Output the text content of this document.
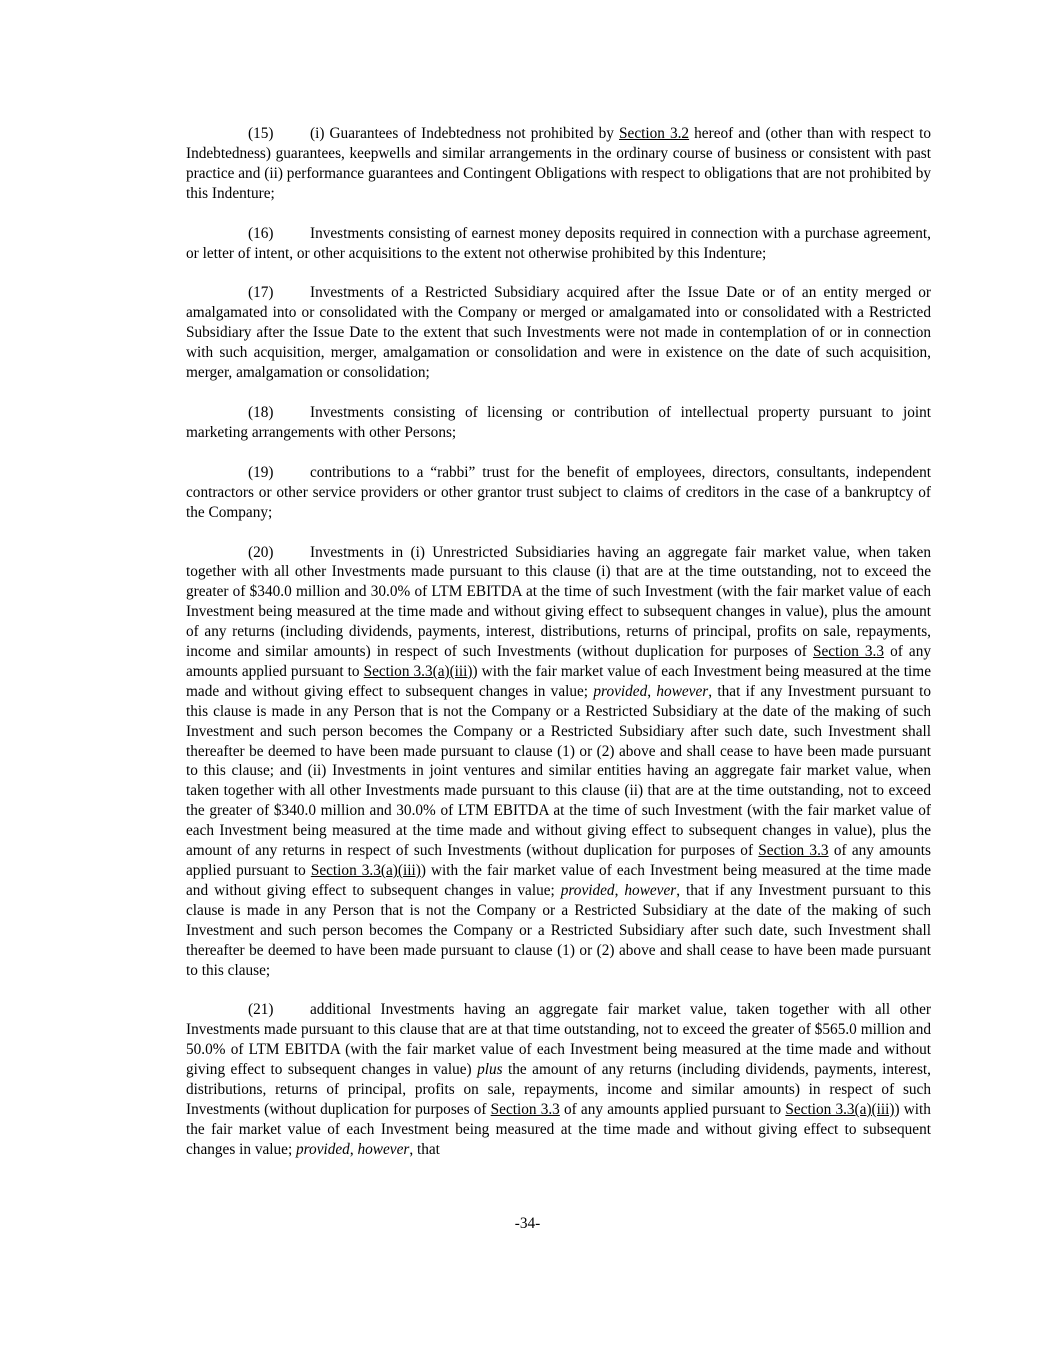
(15) (i) Guarantees of Indebtedness not prohibited by Section 3.2 hereof and (other than with respect to Indebtedness) guarantees, keepwells and similar arrangements in the ordinary course of business or consistent with past practice and (ii) performance guarantees and Contingent Obligations with respect to obligations that are not prohibited by this Indenture;

(16) Investments consisting of earnest money deposits required in connection with a purchase agreement, or letter of intent, or other acquisitions to the extent not otherwise prohibited by this Indenture;

(17) Investments of a Restricted Subsidiary acquired after the Issue Date or of an entity merged or amalgamated into or consolidated with the Company or merged or amalgamated into or consolidated with a Restricted Subsidiary after the Issue Date to the extent that such Investments were not made in contemplation of or in connection with such acquisition, merger, amalgamation or consolidation and were in existence on the date of such acquisition, merger, amalgamation or consolidation;

(18) Investments consisting of licensing or contribution of intellectual property pursuant to joint marketing arrangements with other Persons;

(19) contributions to a “rabbi” trust for the benefit of employees, directors, consultants, independent contractors or other service providers or other grantor trust subject to claims of creditors in the case of a bankruptcy of the Company;

(20) Investments in (i) Unrestricted Subsidiaries having an aggregate fair market value, when taken together with all other Investments made pursuant to this clause (i) that are at the time outstanding, not to exceed the greater of $340.0 million and 30.0% of LTM EBITDA at the time of such Investment (with the fair market value of each Investment being measured at the time made and without giving effect to subsequent changes in value), plus the amount of any returns (including dividends, payments, interest, distributions, returns of principal, profits on sale, repayments, income and similar amounts) in respect of such Investments (without duplication for purposes of Section 3.3 of any amounts applied pursuant to Section 3.3(a)(iii)) with the fair market value of each Investment being measured at the time made and without giving effect to subsequent changes in value; provided, however, that if any Investment pursuant to this clause is made in any Person that is not the Company or a Restricted Subsidiary at the date of the making of such Investment and such person becomes the Company or a Restricted Subsidiary after such date, such Investment shall thereafter be deemed to have been made pursuant to clause (1) or (2) above and shall cease to have been made pursuant to this clause; and (ii) Investments in joint ventures and similar entities having an aggregate fair market value, when taken together with all other Investments made pursuant to this clause (ii) that are at the time outstanding, not to exceed the greater of $340.0 million and 30.0% of LTM EBITDA at the time of such Investment (with the fair market value of each Investment being measured at the time made and without giving effect to subsequent changes in value), plus the amount of any returns in respect of such Investments (without duplication for purposes of Section 3.3 of any amounts applied pursuant to Section 3.3(a)(iii)) with the fair market value of each Investment being measured at the time made and without giving effect to subsequent changes in value; provided, however, that if any Investment pursuant to this clause is made in any Person that is not the Company or a Restricted Subsidiary at the date of the making of such Investment and such person becomes the Company or a Restricted Subsidiary after such date, such Investment shall thereafter be deemed to have been made pursuant to clause (1) or (2) above and shall cease to have been made pursuant to this clause;

(21) additional Investments having an aggregate fair market value, taken together with all other Investments made pursuant to this clause that are at that time outstanding, not to exceed the greater of $565.0 million and 50.0% of LTM EBITDA (with the fair market value of each Investment being measured at the time made and without giving effect to subsequent changes in value) plus the amount of any returns (including dividends, payments, interest, distributions, returns of principal, profits on sale, repayments, income and similar amounts) in respect of such Investments (without duplication for purposes of Section 3.3 of any amounts applied pursuant to Section 3.3(a)(iii)) with the fair market value of each Investment being measured at the time made and without giving effect to subsequent changes in value; provided, however, that

-34-
